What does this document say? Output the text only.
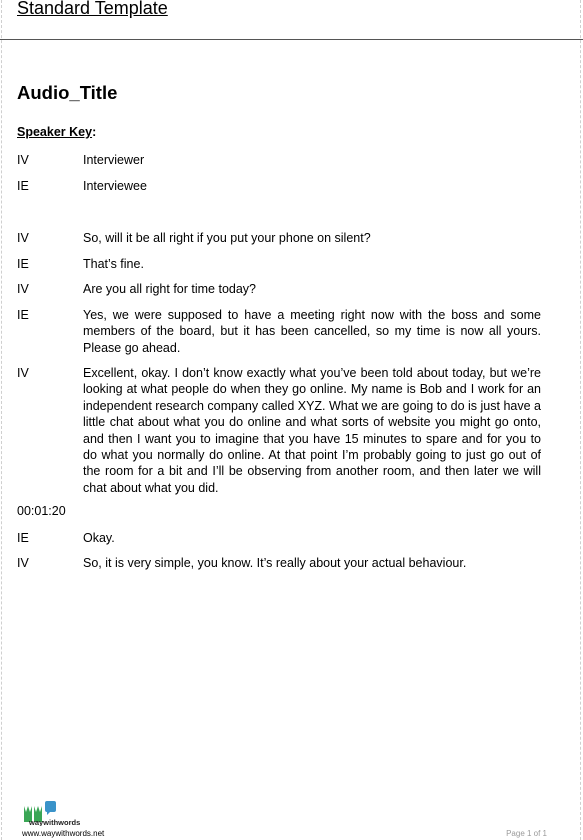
Standard Template
Audio_Title
Speaker Key:
IV	Interviewer
IE	Interviewee
IV	So, will it be all right if you put your phone on silent?
IE	That’s fine.
IV	Are you all right for time today?
IE	Yes, we were supposed to have a meeting right now with the boss and some members of the board, but it has been cancelled, so my time is now all yours. Please go ahead.
IV	Excellent, okay. I don’t know exactly what you’ve been told about today, but we’re looking at what people do when they go online. My name is Bob and I work for an independent research company called XYZ. What we are going to do is just have a little chat about what you do online and what sorts of website you might go onto, and then I want you to imagine that you have 15 minutes to spare and for you to do what you normally do online. At that point I’m probably going to just go out of the room for a bit and I’ll be observing from another room, and then later we will chat about what you did.
00:01:20
IE	Okay.
IV	So, it is very simple, you know. It’s really about your actual behaviour.
waywithwords
www.waywithwords.net	Page 1 of 1
